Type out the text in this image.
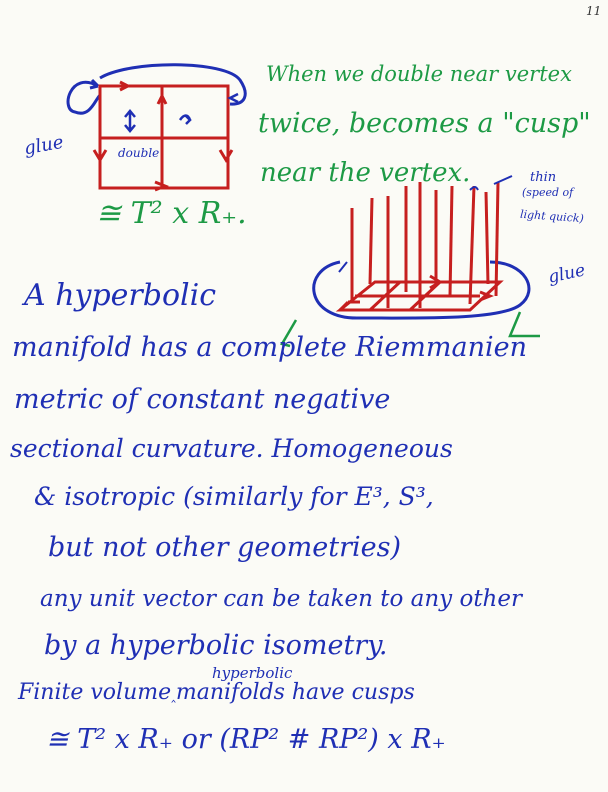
11
glue	double
thin
(speed of
light quick)
glue
When we double near vertex
twice, becomes a "cusp"
near the vertex.
≅ T² x R₊.
A hyperbolic
manifold has a complete Riemmanien
metric of constant negative
sectional curvature. Homogeneous
& isotropic (similarly for E³, S³,
but not other geometries)
any unit vector can be taken to any other
by a hyperbolic isometry.
hyperbolic
Finite volume‸manifolds have cusps
≅ T² x R₊ or (RP² # RP²) x R₊
